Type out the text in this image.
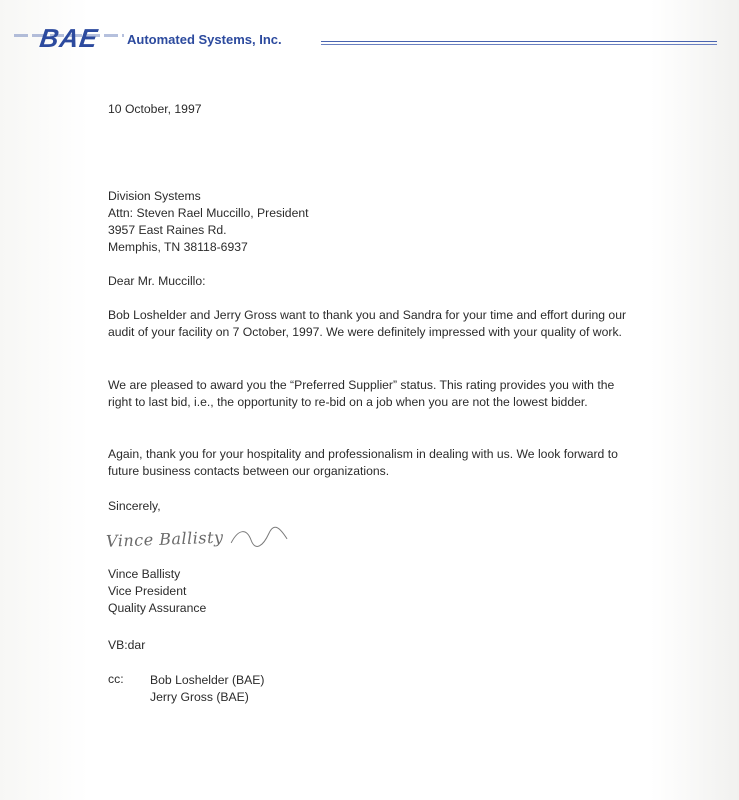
BAE Automated Systems, Inc.
10 October, 1997
Division Systems
Attn: Steven Rael Muccillo, President
3957 East Raines Rd.
Memphis, TN 38118-6937
Dear Mr. Muccillo:
Bob Loshelder and Jerry Gross want to thank you and Sandra for your time and effort during our audit of your facility on 7 October, 1997. We were definitely impressed with your quality of work.
We are pleased to award you the “Preferred Supplier” status. This rating provides you with the right to last bid, i.e., the opportunity to re-bid on a job when you are not the lowest bidder.
Again, thank you for your hospitality and professionalism in dealing with us. We look forward to future business contacts between our organizations.
Sincerely,
Vince Ballisty
Vince Ballisty
Vice President
Quality Assurance
VB:dar
cc: Bob Loshelder (BAE)
Jerry Gross (BAE)
